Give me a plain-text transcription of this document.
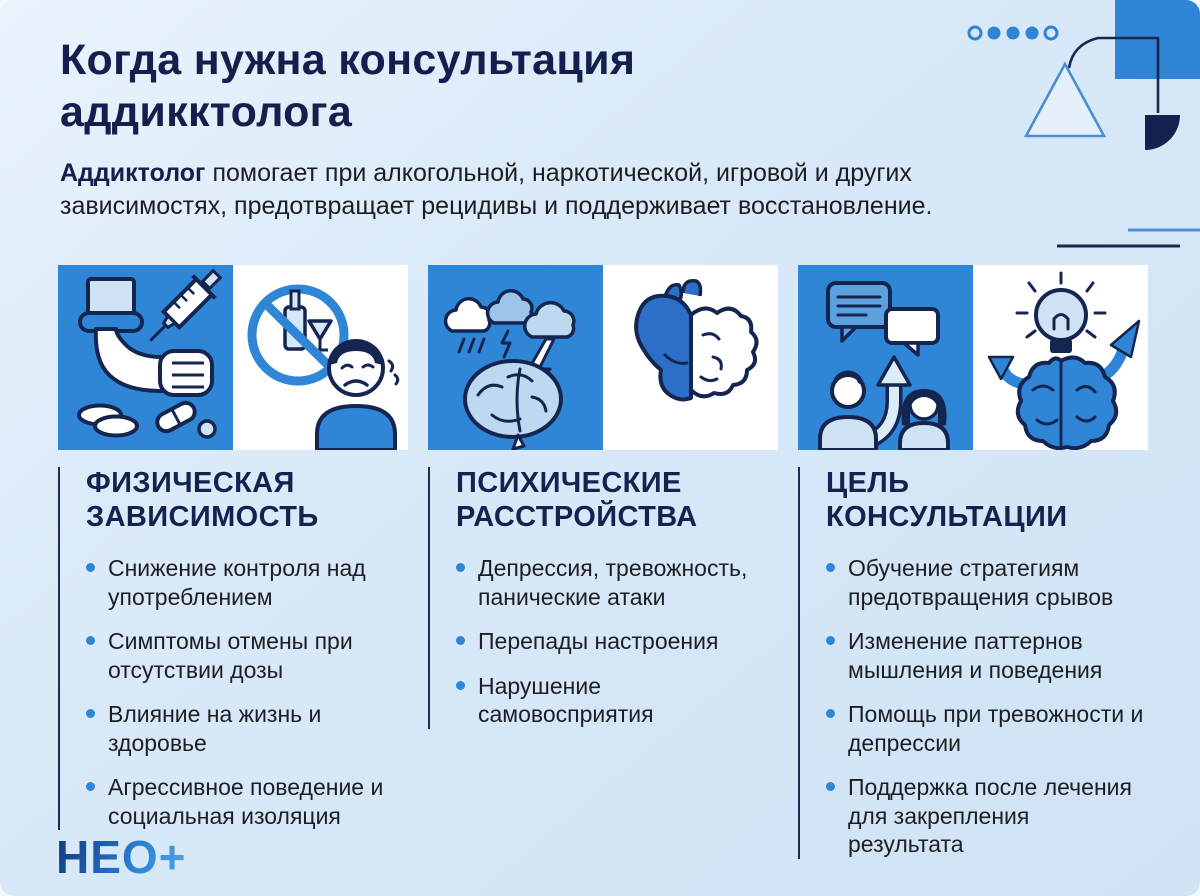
Когда нужна консультация
аддикктолога

Аддиктолог помогает при алкогольной, наркотической, игровой и других зависимостях, предотвращает рецидивы и поддерживает восстановление.

ФИЗИЧЕСКАЯ
ЗАВИСИМОСТЬ
Снижение контроля над употреблением
Симптомы отмены при отсутствии дозы
Влияние на жизнь и здоровье
Агрессивное поведение и социальная изоляция
ПСИХИЧЕСКИЕ
РАССТРОЙСТВА
Депрессия, тревожность, панические атаки
Перепады настроения
Нарушение самовосприятия
ЦЕЛЬ
КОНСУЛЬТАЦИИ
Обучение стратегиям предотвращения срывов
Изменение паттернов мышления и поведения
Помощь при тревожности и депрессии
Поддержка после лечения для закрепления результата
НЕО+
